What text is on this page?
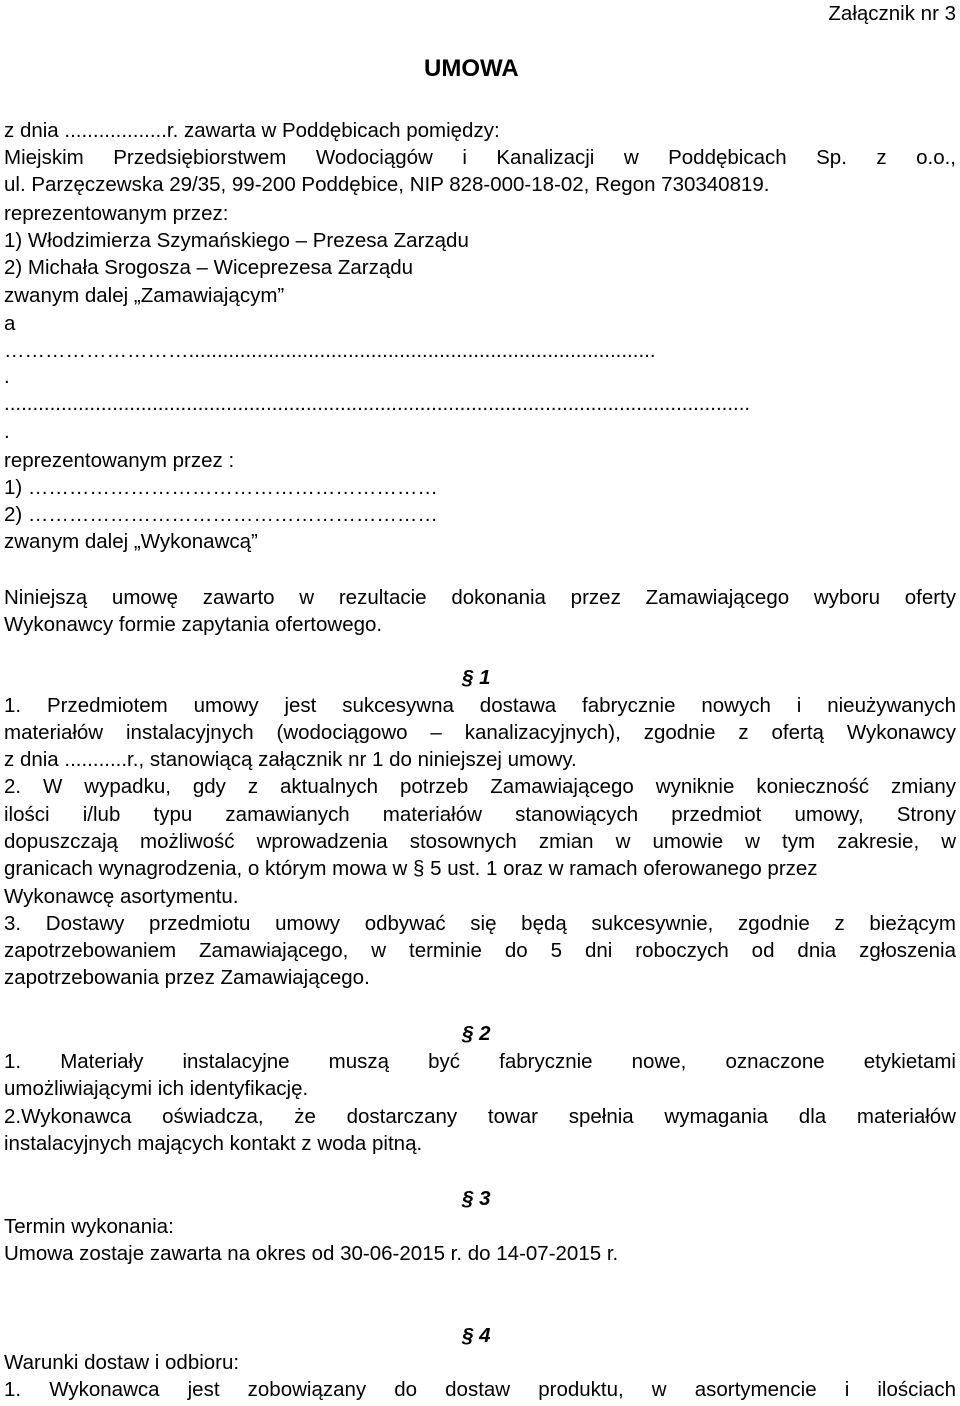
Załącznik nr 3
UMOWA
z dnia ..................r. zawarta w Poddębicach pomiędzy:
Miejskim Przedsiębiorstwem Wodociągów i Kanalizacji w Poddębicach Sp. z o.o.,
ul. Parzęczewska 29/35, 99-200 Poddębice, NIP 828-000-18-02, Regon 730340819.
reprezentowanym przez:
1) Włodzimierza Szymańskiego – Prezesa Zarządu
2) Michała Srogosza – Wiceprezesa Zarządu
zwanym dalej „Zamawiającym”
a
………………………..................................................................................
.
...................................................................................................................................
.
reprezentowanym przez :
1) ……………………………………………………
2) ……………………………………………………
zwanym dalej „Wykonawcą”
Niniejszą umowę zawarto w rezultacie dokonania przez Zamawiającego wyboru oferty
Wykonawcy formie zapytania ofertowego.
§ 1
1. Przedmiotem umowy jest sukcesywna dostawa fabrycznie nowych i nieużywanych
materiałów instalacyjnych (wodociągowo – kanalizacyjnych), zgodnie z ofertą Wykonawcy
z dnia ...........r., stanowiącą załącznik nr 1 do niniejszej umowy.
2. W wypadku, gdy z aktualnych potrzeb Zamawiającego wyniknie konieczność zmiany
ilości i/lub typu zamawianych materiałów stanowiących przedmiot umowy, Strony
dopuszczają możliwość wprowadzenia stosownych zmian w umowie w tym zakresie, w
granicach wynagrodzenia, o którym mowa w § 5 ust. 1 oraz w ramach oferowanego przez
Wykonawcę asortymentu.
3. Dostawy przedmiotu umowy odbywać się będą sukcesywnie, zgodnie z bieżącym
zapotrzebowaniem Zamawiającego, w terminie do 5 dni roboczych od dnia zgłoszenia
zapotrzebowania przez Zamawiającego.
§ 2
1. Materiały instalacyjne muszą być fabrycznie nowe, oznaczone etykietami
umożliwiającymi ich identyfikację.
2.Wykonawca oświadcza, że dostarczany towar spełnia wymagania dla materiałów
instalacyjnych mających kontakt z woda pitną.
§ 3
Termin wykonania:
Umowa zostaje zawarta na okres od 30-06-2015 r. do 14-07-2015 r.
§ 4
Warunki dostaw i odbioru:
1. Wykonawca jest zobowiązany do dostaw produktu, w asortymencie i ilościach
